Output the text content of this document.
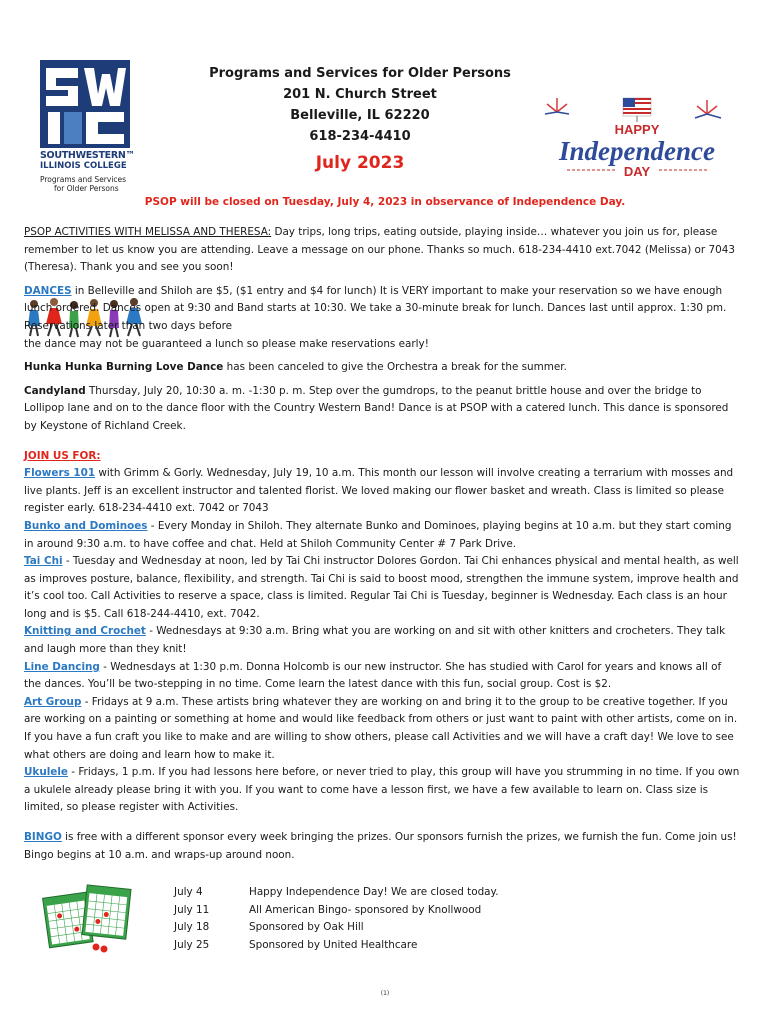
SOUTHWESTERN™
ILLINOIS COLLEGE
Programs and Services
for Older Persons
Programs and Services for Older Persons
201 N. Church Street
Belleville, IL 62220
618-234-4410
July 2023
HAPPY
Independence
DAY
PSOP will be closed on Tuesday, July 4, 2023 in observance of Independence Day.

PSOP ACTIVITIES WITH MELISSA AND THERESA: Day trips, long trips, eating outside, playing inside… whatever you join us for, please remember to let us know you are attending. Leave a message on our phone. Thanks so much. 618-234-4410 ext.7042 (Melissa) or 7043 (Theresa). Thank you and see you soon!

DANCES in Belleville and Shiloh are $5, ($1 entry and $4 for lunch) It is VERY important to make your reservation so we have enough lunch ordered. Dances open at 9:30 and Band starts at 10:30. We take a 30-minute break for lunch. Dances last until approx. 1:30 pm. Reservations later than two days before

the dance may not be guaranteed a lunch so please make reservations early!

Hunka Hunka Burning Love Dance has been canceled to give the Orchestra a break for the summer.

Candyland Thursday, July 20, 10:30 a. m. -1:30 p. m. Step over the gumdrops, to the peanut brittle house and over the bridge to Lollipop lane and on to the dance floor with the Country Western Band! Dance is at PSOP with a catered lunch. This dance is sponsored by Keystone of Richland Creek.

JOIN US FOR:

Flowers 101 with Grimm & Gorly. Wednesday, July 19, 10 a.m. This month our lesson will involve creating a terrarium with mosses and live plants. Jeff is an excellent instructor and talented florist. We loved making our flower basket and wreath. Class is limited so please register early. 618-234-4410 ext. 7042 or 7043

Bunko and Dominoes - Every Monday in Shiloh. They alternate Bunko and Dominoes, playing begins at 10 a.m. but they start coming in around 9:30 a.m. to have coffee and chat. Held at Shiloh Community Center # 7 Park Drive.

Tai Chi - Tuesday and Wednesday at noon, led by Tai Chi instructor Dolores Gordon. Tai Chi enhances physical and mental health, as well as improves posture, balance, flexibility, and strength. Tai Chi is said to boost mood, strengthen the immune system, improve health and it’s cool too. Call Activities to reserve a space, class is limited. Regular Tai Chi is Tuesday, beginner is Wednesday. Each class is an hour long and is $5. Call 618-244-4410, ext. 7042.

Knitting and Crochet - Wednesdays at 9:30 a.m. Bring what you are working on and sit with other knitters and crocheters. They talk and laugh more than they knit!

Line Dancing - Wednesdays at 1:30 p.m. Donna Holcomb is our new instructor. She has studied with Carol for years and knows all of the dances. You’ll be two-stepping in no time. Come learn the latest dance with this fun, social group. Cost is $2.

Art Group - Fridays at 9 a.m. These artists bring whatever they are working on and bring it to the group to be creative together. If you are working on a painting or something at home and would like feedback from others or just want to paint with other artists, come on in. If you have a fun craft you like to make and are willing to show others, please call Activities and we will have a craft day! We love to see what others are doing and learn how to make it.

Ukulele - Fridays, 1 p.m. If you had lessons here before, or never tried to play, this group will have you strumming in no time. If you own a ukulele already please bring it with you. If you want to come have a lesson first, we have a few available to learn on. Class size is limited, so please register with Activities.

BINGO is free with a different sponsor every week bringing the prizes. Our sponsors furnish the prizes, we furnish the fun. Come join us! Bingo begins at 10 a.m. and wraps-up around noon.

July 4	Happy Independence Day! We are closed today.
July 11	All American Bingo- sponsored by Knollwood
July 18	Sponsored by Oak Hill
July 25	Sponsored by United Healthcare
(1)
